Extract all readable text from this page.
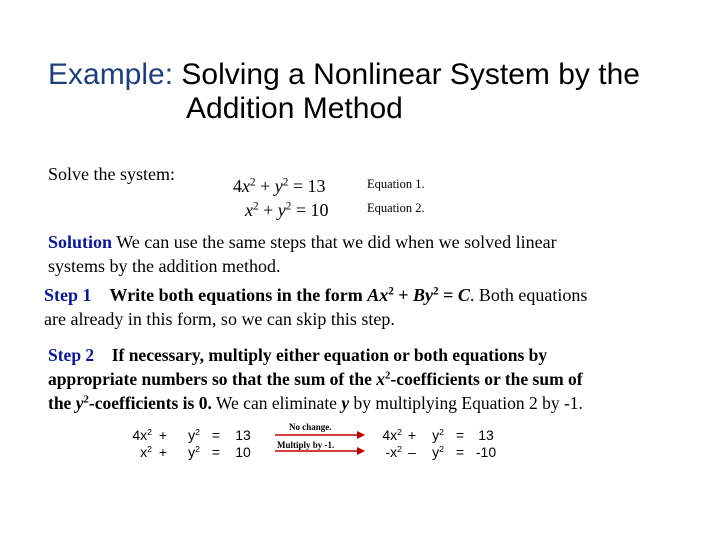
Example: Solving a Nonlinear System by the
Addition Method
Solve the system:
$4x^2 + y^2 = 13$
$x^2 + y^2 = 10$
Equation 1.
Equation 2.
Solution We can use the same steps that we did when we solved linear
systems by the addition method.
Step 1 Write both equations in the form $Ax^2 + By^2 = C$. Both equations
are already in this form, so we can skip this step.
Step 2 If necessary, multiply either equation or both equations by
appropriate numbers so that the sum of the $x^2$-coefficients or the sum of
the $y^2$-coefficients is 0. We can eliminate y by multiplying Equation 2 by -1.
$4x^2 + y^2$ =	13
$x^2 + y^2$ =	10
No change.
Multiply by -1.
$4x^2 + y^2$ =	13
$-x^2 - y^2 = -10$
